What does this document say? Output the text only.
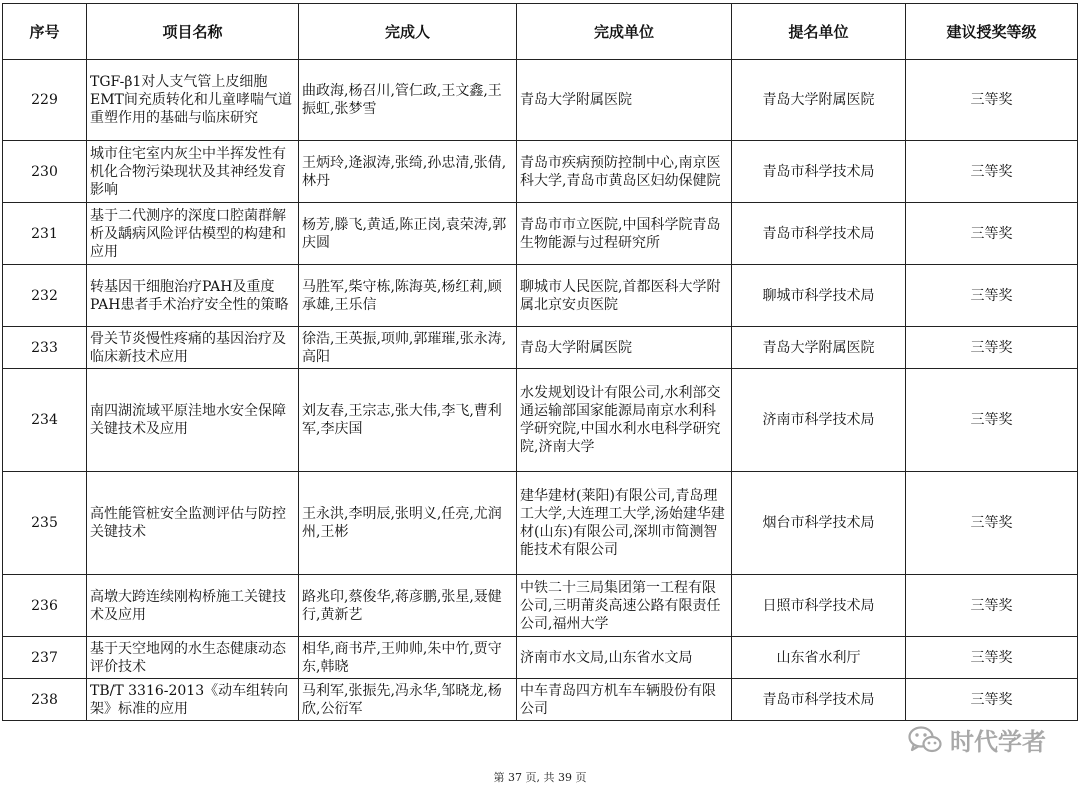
序号	项目名称	完成人	完成单位	提名单位	建议授奖等级
229	TGF-β1对人支气管上皮细胞EMT间充质转化和儿童哮喘气道重塑作用的基础与临床研究	曲政海,杨召川,管仁政,王文鑫,王振虹,张梦雪	青岛大学附属医院	青岛大学附属医院	三等奖
230	城市住宅室内灰尘中半挥发性有机化合物污染现状及其神经发育影响	王炳玲,逄淑涛,张绮,孙忠清,张倩,林丹	青岛市疾病预防控制中心,南京医科大学,青岛市黄岛区妇幼保健院	青岛市科学技术局	三等奖
231	基于二代测序的深度口腔菌群解析及龋病风险评估模型的构建和应用	杨芳,滕飞,黄适,陈正岗,袁荣涛,郭庆圆	青岛市市立医院,中国科学院青岛生物能源与过程研究所	青岛市科学技术局	三等奖
232	转基因干细胞治疗PAH及重度PAH患者手术治疗安全性的策略	马胜军,柴守栋,陈海英,杨红莉,顾承雄,王乐信	聊城市人民医院,首都医科大学附属北京安贞医院	聊城市科学技术局	三等奖
233	骨关节炎慢性疼痛的基因治疗及临床新技术应用	徐浩,王英振,项帅,郭璀璀,张永涛,高阳	青岛大学附属医院	青岛大学附属医院	三等奖
234	南四湖流域平原洼地水安全保障关键技术及应用	刘友春,王宗志,张大伟,李飞,曹利军,李庆国	水发规划设计有限公司,水利部交通运输部国家能源局南京水利科学研究院,中国水利水电科学研究院,济南大学	济南市科学技术局	三等奖
235	高性能管桩安全监测评估与防控关键技术	王永洪,李明辰,张明义,任亮,尤润州,王彬	建华建材(莱阳)有限公司,青岛理工大学,大连理工大学,汤始建华建材(山东)有限公司,深圳市简测智能技术有限公司	烟台市科学技术局	三等奖
236	高墩大跨连续刚构桥施工关键技术及应用	路兆印,蔡俊华,蒋彦鹏,张星,聂健行,黄新艺	中铁二十三局集团第一工程有限公司,三明莆炎高速公路有限责任公司,福州大学	日照市科学技术局	三等奖
237	基于天空地网的水生态健康动态评价技术	相华,商书芹,王帅帅,朱中竹,贾守东,韩晓	济南市水文局,山东省水文局	山东省水利厅	三等奖
238	TB/T 3316-2013《动车组转向架》标准的应用	马利军,张振先,冯永华,邹晓龙,杨欣,公衍军	中车青岛四方机车车辆股份有限公司	青岛市科学技术局	三等奖
时代学者
第 37 页, 共 39 页
